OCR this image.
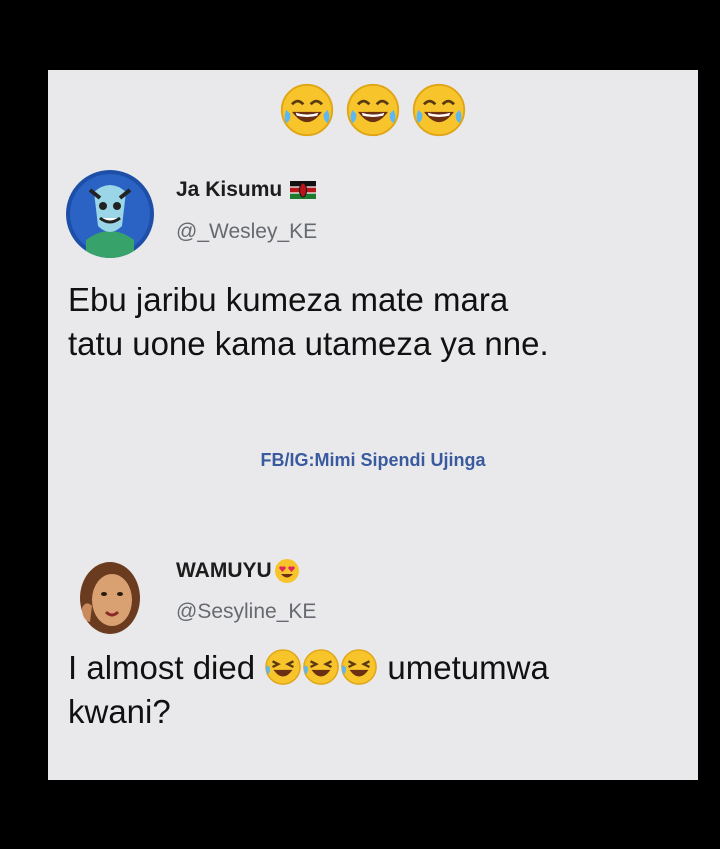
Ja Kisumu
@_Wesley_KE
Ebu jaribu kumeza mate mara
tatu uone kama utameza ya nne.
FB/IG:Mimi Sipendi Ujinga
WAMUYU
@Sesyline_KE
I almost died	umetumwa
kwani?
